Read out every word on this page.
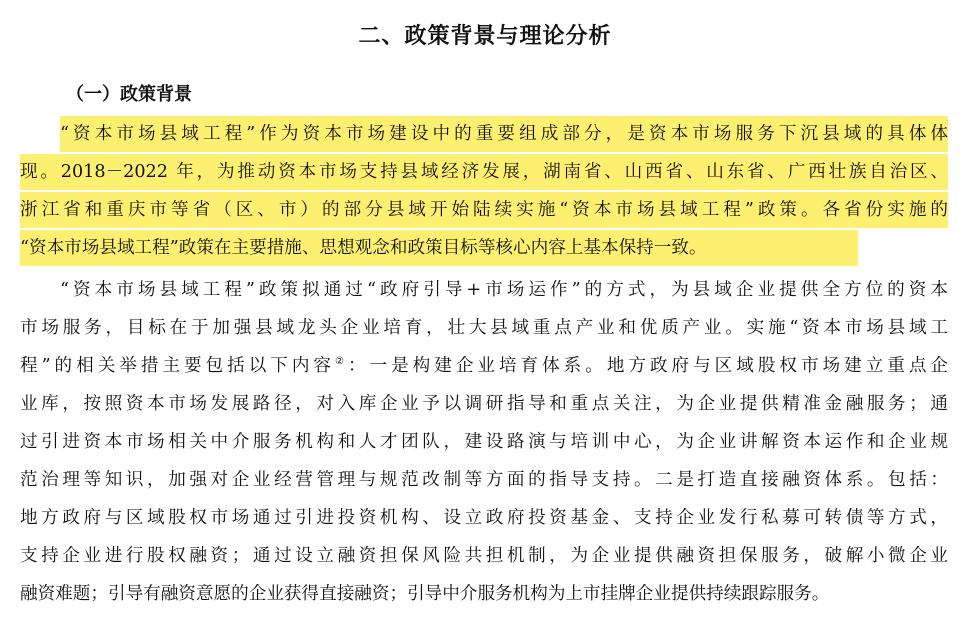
二、政策背景与理论分析
（一）政策背景
“资本市场县域工程”作为资本市场建设中的重要组成部分，是资本市场服务下沉县域的具体体
现。2018－2022 年，为推动资本市场支持县域经济发展，湖南省、山西省、山东省、广西壮族自治区、
浙江省和重庆市等省（区、市）的部分县域开始陆续实施“资本市场县域工程”政策。各省份实施的
“资本市场县域工程”政策在主要措施、思想观念和政策目标等核心内容上基本保持一致。
“资本市场县域工程”政策拟通过“政府引导+市场运作”的方式，为县域企业提供全方位的资本
市场服务，目标在于加强县域龙头企业培育，壮大县域重点产业和优质产业。实施“资本市场县域工
程”的相关举措主要包括以下内容②：一是构建企业培育体系。地方政府与区域股权市场建立重点企
业库，按照资本市场发展路径，对入库企业予以调研指导和重点关注，为企业提供精准金融服务；通
过引进资本市场相关中介服务机构和人才团队，建设路演与培训中心，为企业讲解资本运作和企业规
范治理等知识，加强对企业经营管理与规范改制等方面的指导支持。二是打造直接融资体系。包括：
地方政府与区域股权市场通过引进投资机构、设立政府投资基金、支持企业发行私募可转债等方式，
支持企业进行股权融资；通过设立融资担保风险共担机制，为企业提供融资担保服务，破解小微企业
融资难题；引导有融资意愿的企业获得直接融资；引导中介服务机构为上市挂牌企业提供持续跟踪服务。
